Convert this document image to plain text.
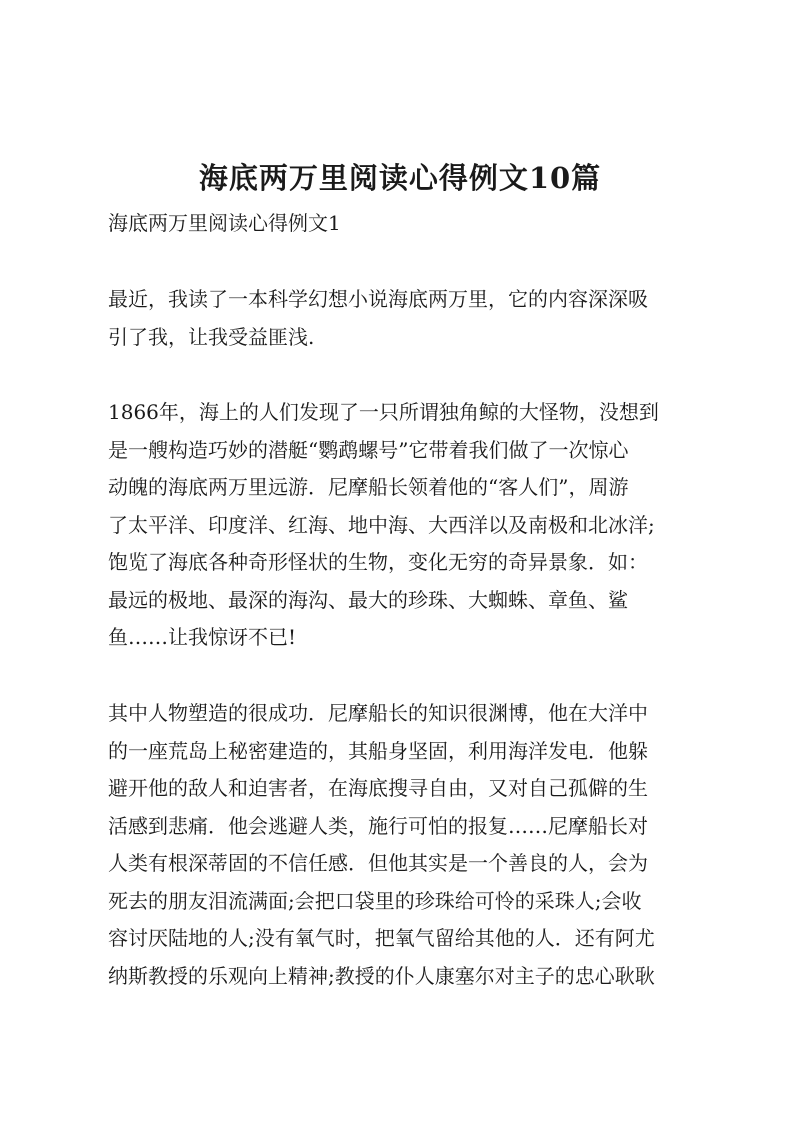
海底两万里阅读心得例文10篇

海底两万里阅读心得例文1

最近，我读了一本科学幻想小说海底两万里，它的内容深深吸
引了我，让我受益匪浅.
1866年，海上的人们发现了一只所谓独角鲸的大怪物，没想到
是一艘构造巧妙的潜艇“鹦鹉螺号”它带着我们做了一次惊心
动魄的海底两万里远游．尼摩船长领着他的“客人们”，周游
了太平洋、印度洋、红海、地中海、大西洋以及南极和北冰洋;
饱览了海底各种奇形怪状的生物，变化无穷的奇异景象．如：
最远的极地、最深的海沟、最大的珍珠、大蜘蛛、章鱼、鲨
鱼……让我惊讶不已!
其中人物塑造的很成功．尼摩船长的知识很渊博，他在大洋中
的一座荒岛上秘密建造的，其船身坚固，利用海洋发电．他躲
避开他的敌人和迫害者，在海底搜寻自由，又对自己孤僻的生
活感到悲痛．他会逃避人类，施行可怕的报复……尼摩船长对
人类有根深蒂固的不信任感．但他其实是一个善良的人，会为
死去的朋友泪流满面;会把口袋里的珍珠给可怜的采珠人;会收
容讨厌陆地的人;没有氧气时，把氧气留给其他的人．还有阿尤
纳斯教授的乐观向上精神;教授的仆人康塞尔对主子的忠心耿耿
